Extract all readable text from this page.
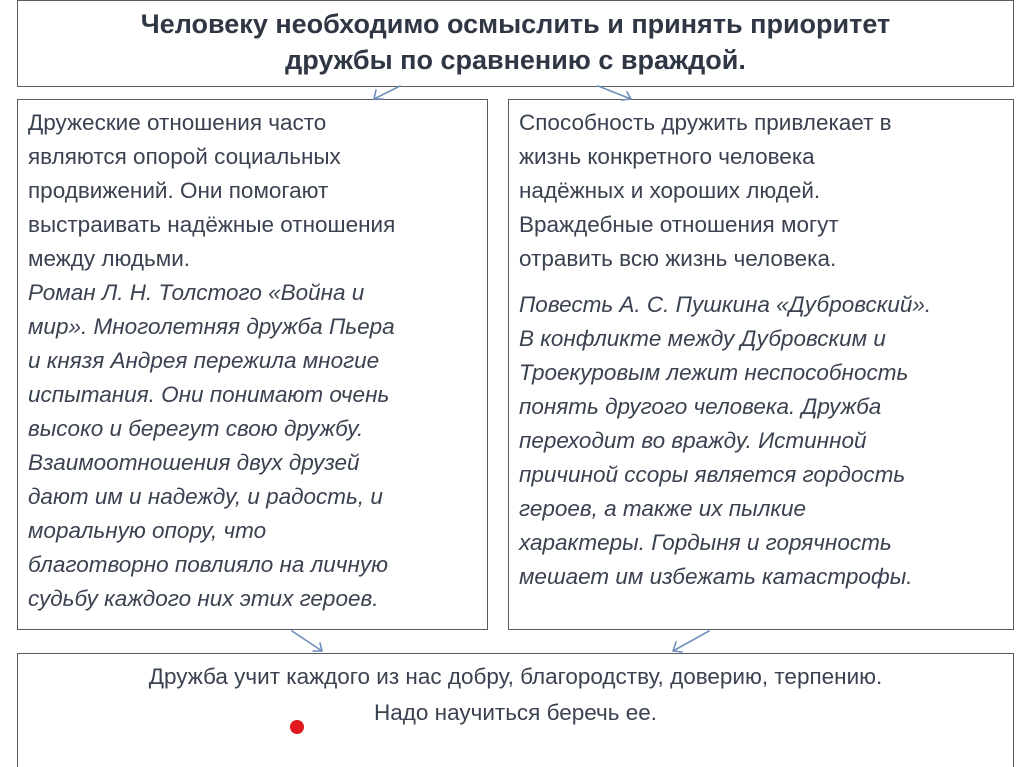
Человеку необходимо осмыслить и принять приоритет
дружбы по сравнению с враждой.
Дружеские отношения часто
являются опорой социальных
продвижений. Они помогают
выстраивать надёжные отношения
между людьми.
Роман Л. Н. Толстого «Война и
мир». Многолетняя дружба Пьера
и князя Андрея пережила многие
испытания. Они понимают очень
высоко и берегут свою дружбу.
Взаимоотношения двух друзей
дают им и надежду, и радость, и
моральную опору, что
благотворно повлияло на личную
судьбу каждого них этих героев.
Способность дружить привлекает в
жизнь конкретного человека
надёжных и хороших людей.
Враждебные отношения могут
отравить всю жизнь человека.
Повесть А. С. Пушкина «Дубровский».
В конфликте между Дубровским и
Троекуровым лежит неспособность
понять другого человека. Дружба
переходит во вражду. Истинной
причиной ссоры является гордость
героев, а также их пылкие
характеры. Гордыня и горячность
мешает им избежать катастрофы.
Дружба учит каждого из нас добру, благородству, доверию, терпению.
Надо научиться беречь ее.
